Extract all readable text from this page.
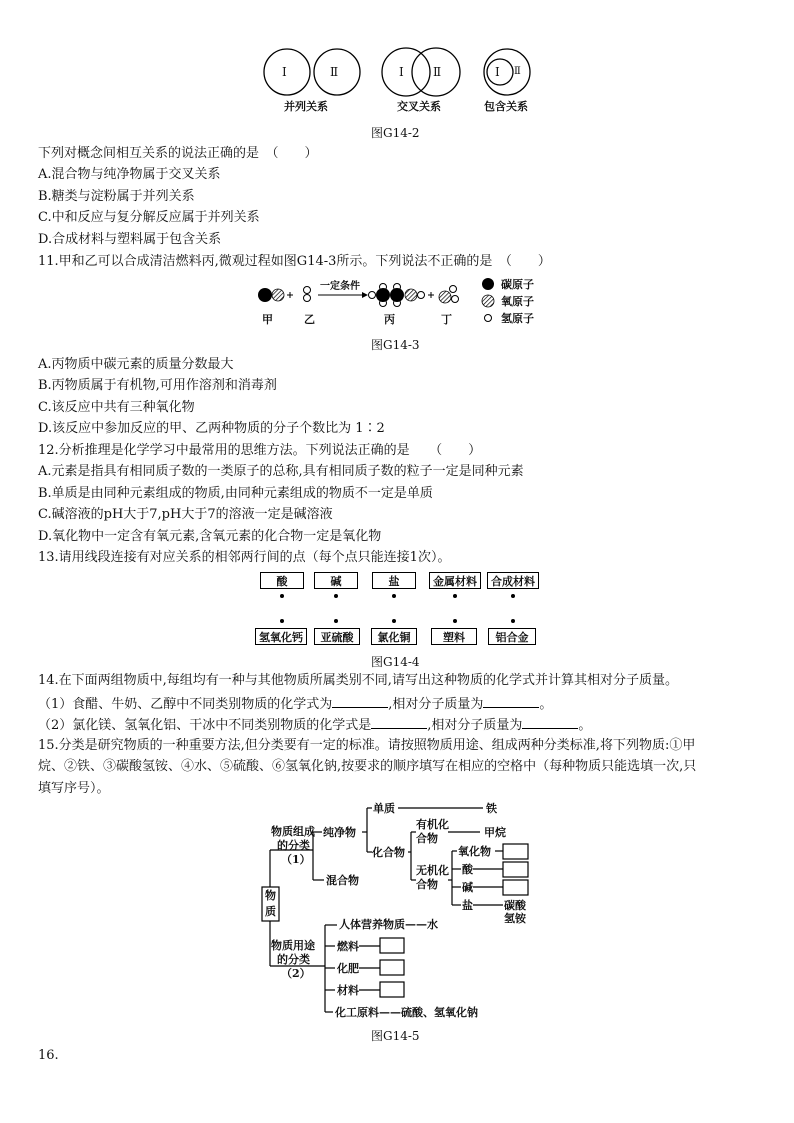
Ⅰ	Ⅱ	Ⅰ Ⅱ	Ⅰ Ⅱ
并列关系	交叉关系	包含关系
图G14-2
下列对概念间相互关系的说法正确的是　（　　）
A.混合物与纯净物属于交叉关系
B.糖类与淀粉属于并列关系
C.中和反应与复分解反应属于并列关系
D.合成材料与塑料属于包含关系
11.甲和乙可以合成清洁燃料丙,微观过程如图G14-3所示。下列说法不正确的是　（　　）
一定条件
甲	乙	丙	丁
碳原子
氧原子
氢原子
图G14-3
A.丙物质中碳元素的质量分数最大
B.丙物质属于有机物,可用作溶剂和消毒剂
C.该反应中共有三种氧化物
D.该反应中参加反应的甲、乙两种物质的分子个数比为 1∶2
12.分析推理是化学学习中最常用的思维方法。下列说法正确的是　　（　　）
A.元素是指具有相同质子数的一类原子的总称,具有相同质子数的粒子一定是同种元素
B.单质是由同种元素组成的物质,由同种元素组成的物质不一定是单质
C.碱溶液的pH大于7,pH大于7的溶液一定是碱溶液
D.氧化物中一定含有氧元素,含氧元素的化合物一定是氧化物
13.请用线段连接有对应关系的相邻两行间的点（每个点只能连接1次）。
酸	碱	盐	金属材料	合成材料
氢氧化钙	亚硫酸	氯化铜	塑料	铝合金
图G14-4
14.在下面两组物质中,每组均有一种与其他物质所属类别不同,请写出这种物质的化学式并计算其相对分子质量。
（1）食醋、牛奶、乙醇中不同类别物质的化学式为	,相对分子质量为	。
（2）氯化镁、氢氧化铝、干冰中不同类别物质的化学式是	,相对分子质量为	。
15.分类是研究物质的一种重要方法,但分类要有一定的标准。请按照物质用途、组成两种分类标准,将下列物质:①甲
烷、②铁、③碳酸氢铵、④水、⑤硫酸、⑥氢氧化钠,按要求的顺序填写在相应的空格中（每种物质只能选填一次,只
填写序号）。
物
质
物质组成
的分类
（1）
纯净物
混合物
单质	铁
化合物
有机化
合物	甲烷
无机化
合物
氧化物
酸
碱
盐	碳酸
氢铵
物质用途
的分类
（2）
人体营养物质——水
燃料
化肥
材料
化工原料——硫酸、氢氧化钠
图G14-5
16.
